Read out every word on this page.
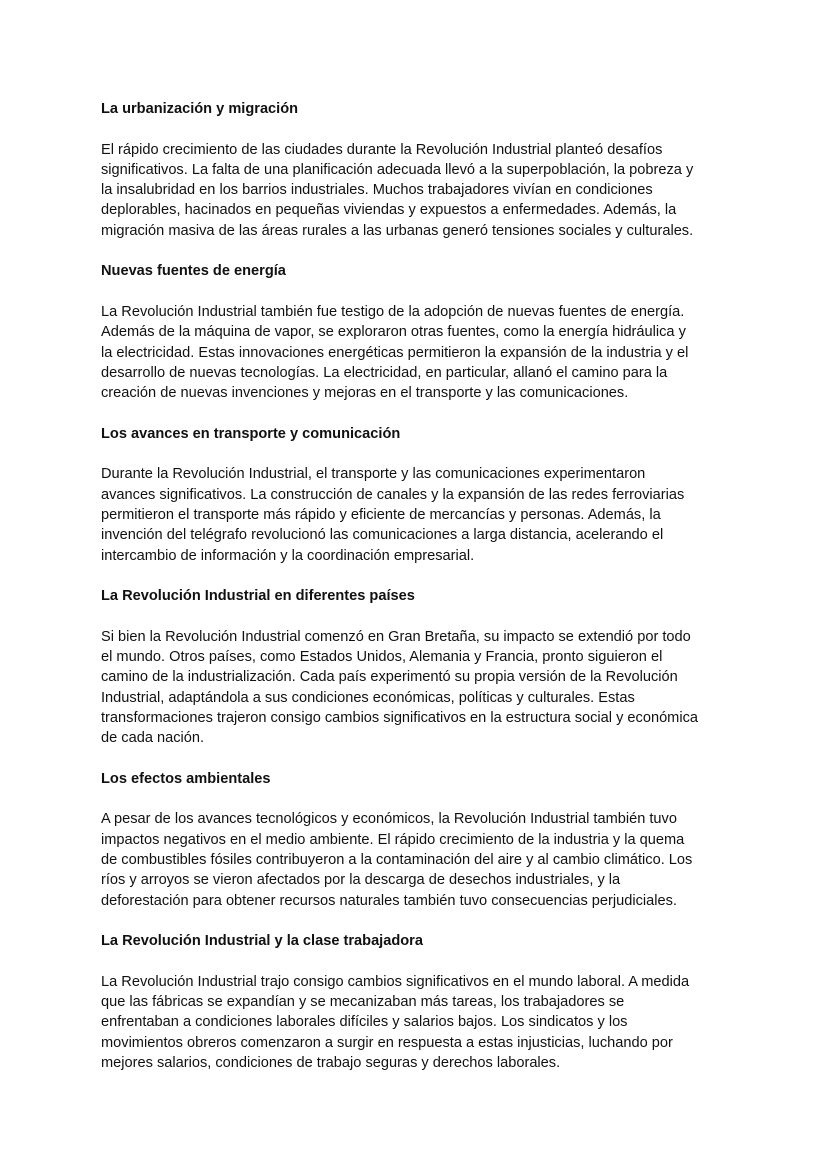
La urbanización y migración

El rápido crecimiento de las ciudades durante la Revolución Industrial planteó desafíos
significativos. La falta de una planificación adecuada llevó a la superpoblación, la pobreza y
la insalubridad en los barrios industriales. Muchos trabajadores vivían en condiciones
deplorables, hacinados en pequeñas viviendas y expuestos a enfermedades. Además, la
migración masiva de las áreas rurales a las urbanas generó tensiones sociales y culturales.

Nuevas fuentes de energía

La Revolución Industrial también fue testigo de la adopción de nuevas fuentes de energía.
Además de la máquina de vapor, se exploraron otras fuentes, como la energía hidráulica y
la electricidad. Estas innovaciones energéticas permitieron la expansión de la industria y el
desarrollo de nuevas tecnologías. La electricidad, en particular, allanó el camino para la
creación de nuevas invenciones y mejoras en el transporte y las comunicaciones.

Los avances en transporte y comunicación

Durante la Revolución Industrial, el transporte y las comunicaciones experimentaron
avances significativos. La construcción de canales y la expansión de las redes ferroviarias
permitieron el transporte más rápido y eficiente de mercancías y personas. Además, la
invención del telégrafo revolucionó las comunicaciones a larga distancia, acelerando el
intercambio de información y la coordinación empresarial.

La Revolución Industrial en diferentes países

Si bien la Revolución Industrial comenzó en Gran Bretaña, su impacto se extendió por todo
el mundo. Otros países, como Estados Unidos, Alemania y Francia, pronto siguieron el
camino de la industrialización. Cada país experimentó su propia versión de la Revolución
Industrial, adaptándola a sus condiciones económicas, políticas y culturales. Estas
transformaciones trajeron consigo cambios significativos en la estructura social y económica
de cada nación.

Los efectos ambientales

A pesar de los avances tecnológicos y económicos, la Revolución Industrial también tuvo
impactos negativos en el medio ambiente. El rápido crecimiento de la industria y la quema
de combustibles fósiles contribuyeron a la contaminación del aire y al cambio climático. Los
ríos y arroyos se vieron afectados por la descarga de desechos industriales, y la
deforestación para obtener recursos naturales también tuvo consecuencias perjudiciales.

La Revolución Industrial y la clase trabajadora

La Revolución Industrial trajo consigo cambios significativos en el mundo laboral. A medida
que las fábricas se expandían y se mecanizaban más tareas, los trabajadores se
enfrentaban a condiciones laborales difíciles y salarios bajos. Los sindicatos y los
movimientos obreros comenzaron a surgir en respuesta a estas injusticias, luchando por
mejores salarios, condiciones de trabajo seguras y derechos laborales.
